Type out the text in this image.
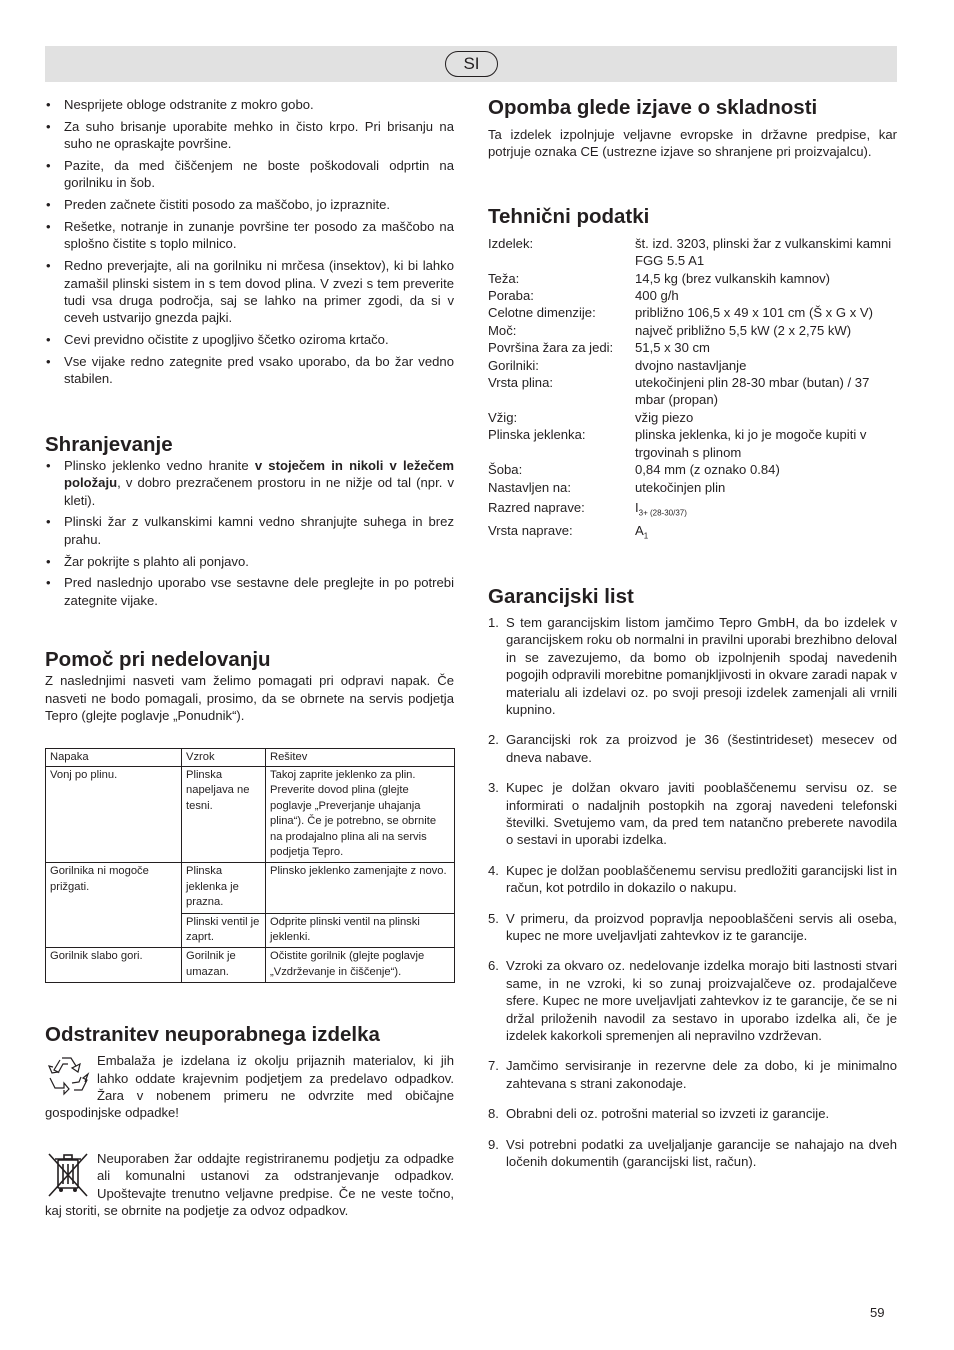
SI
• Nesprijete obloge odstranite z mokro gobo.
• Za suho brisanje uporabite mehko in čisto krpo. Pri brisanju na suho ne opraskajte površine.
• Pazite, da med čiščenjem ne boste poškodovali odprtin na gorilniku in šob.
• Preden začnete čistiti posodo za maščobo, jo izpraznite.
• Rešetke, notranje in zunanje površine ter posodo za maščobo na splošno čistite s toplo milnico.
• Redno preverjajte, ali na gorilniku ni mrčesa (insektov), ki bi lahko zamašil plinski sistem in s tem dovod plina. V zvezi s tem preverite tudi vsa druga področja, saj se lahko na primer zgodi, da si v ceveh ustvarijo gnezda pajki.
• Cevi previdno očistite z upogljivo ščetko oziroma krtačo.
• Vse vijake redno zategnite pred vsako uporabo, da bo žar vedno stabilen.
Shranjevanje
• Plinsko jeklenko vedno hranite v stoječem in nikoli v ležečem položaju, v dobro prezračenem prostoru in ne nižje od tal (npr. v kleti).
• Plinski žar z vulkanskimi kamni vedno shranjujte suhega in brez prahu.
• Žar pokrijte s plahto ali ponjavo.
• Pred naslednjo uporabo vse sestavne dele preglejte in po potrebi zategnite vijake.
Pomoč pri nedelovanju

Z naslednjimi nasveti vam želimo pomagati pri odpravi napak. Če nasveti ne bodo pomagali, prosimo, da se obrnete na servis podjetja Tepro (glejte poglavje „Ponudnik“).

Napaka	Vzrok	Rešitev
Vonj po plinu.	Plinska napeljava ne tesni.	Takoj zaprite jeklenko za plin. Preverite dovod plina (glejte poglavje „Preverjanje uhajanja plina“). Če je potrebno, se obrnite na prodajalno plina ali na servis podjetja Tepro.
Gorilnika ni mogoče prižgati.	Plinska jeklenka je prazna.	Plinsko jeklenko zamenjajte z novo.
	Plinski ventil je zaprt.	Odprite plinski ventil na plinski jeklenki.
Gorilnik slabo gori.	Gorilnik je umazan.	Očistite gorilnik (glejte poglavje „Vzdrževanje in čiščenje“).
Odstranitev neuporabnega izdelka

Embalaža je izdelana iz okolju prijaznih materialov, ki jih lahko oddate krajevnim podjetjem za predelavo odpadkov. Žara v nobenem primeru ne odvrzite med običajne gospodinjske odpadke!

Neuporaben žar oddajte registriranemu podjetju za odpadke ali komunalni ustanovi za odstranjevanje odpadkov. Upoštevajte trenutno veljavne predpise. Če ne veste točno, kaj storiti, se obrnite na podjetje za odvoz odpadkov.

Opomba glede izjave o skladnosti

Ta izdelek izpolnjuje veljavne evropske in državne predpise, kar potrjuje oznaka CE (ustrezne izjave so shranjene pri proizvajalcu).

Tehnični podatki
Izdelek:	št. izd. 3203, plinski žar z vulkanskimi kamni FGG 5.5 A1
Teža:	14,5 kg (brez vulkanskih kamnov)
Poraba:	400 g/h
Celotne dimenzije:	približno 106,5 x 49 x 101 cm (Š x G x V)
Moč:	največ približno 5,5 kW (2 x 2,75 kW)
Površina žara za jedi:	51,5 x 30 cm
Gorilniki:	dvojno nastavljanje
Vrsta plina:	utekočinjeni plin 28-30 mbar (butan) / 37 mbar (propan)
Vžig:	vžig piezo
Plinska jeklenka:	plinska jeklenka, ki jo je mogoče kupiti v trgovinah s plinom
Šoba:	0,84 mm (z oznako 0.84)
Nastavljen na:	utekočinjen plin
Razred naprave:	$I_{3+ (28-30/37)}$
Vrsta naprave:	$A_1$
Garancijski list
1. S tem garancijskim listom jamčimo Tepro GmbH, da bo izdelek v garancijskem roku ob normalni in pravilni uporabi brezhibno deloval in se zavezujemo, da bomo ob izpolnjenih spodaj navedenih pogojih odpravili morebitne pomanjkljivosti in okvare zaradi napak v materialu ali izdelavi oz. po svoji presoji izdelek zamenjali ali vrnili kupnino.
2. Garancijski rok za proizvod je 36 (šestintrideset) mesecev od dneva nabave.
3. Kupec je dolžan okvaro javiti pooblaščenemu servisu oz. se informirati o nadaljnih postopkih na zgoraj navedeni telefonski številki. Svetujemo vam, da pred tem natančno preberete navodila o sestavi in uporabi izdelka.
4. Kupec je dolžan pooblaščenemu servisu predložiti garancijski list in račun, kot potrdilo in dokazilo o nakupu.
5. V primeru, da proizvod popravlja nepooblaščeni servis ali oseba, kupec ne more uveljavljati zahtevkov iz te garancije.
6. Vzroki za okvaro oz. nedelovanje izdelka morajo biti lastnosti stvari same, in ne vzroki, ki so zunaj proizvajalčeve oz. prodajalčeve sfere. Kupec ne more uveljavljati zahtevkov iz te garancije, če se ni držal priloženih navodil za sestavo in uporabo izdelka ali, če je izdelek kakorkoli spremenjen ali nepravilno vzdrževan.
7. Jamčimo servisiranje in rezervne dele za dobo, ki je minimalno zahtevana s strani zakonodaje.
8. Obrabni deli oz. potrošni material so izvzeti iz garancije.
9. Vsi potrebni podatki za uveljaljanje garancije se nahajajo na dveh ločenih dokumentih (garancijski list, račun).
59
